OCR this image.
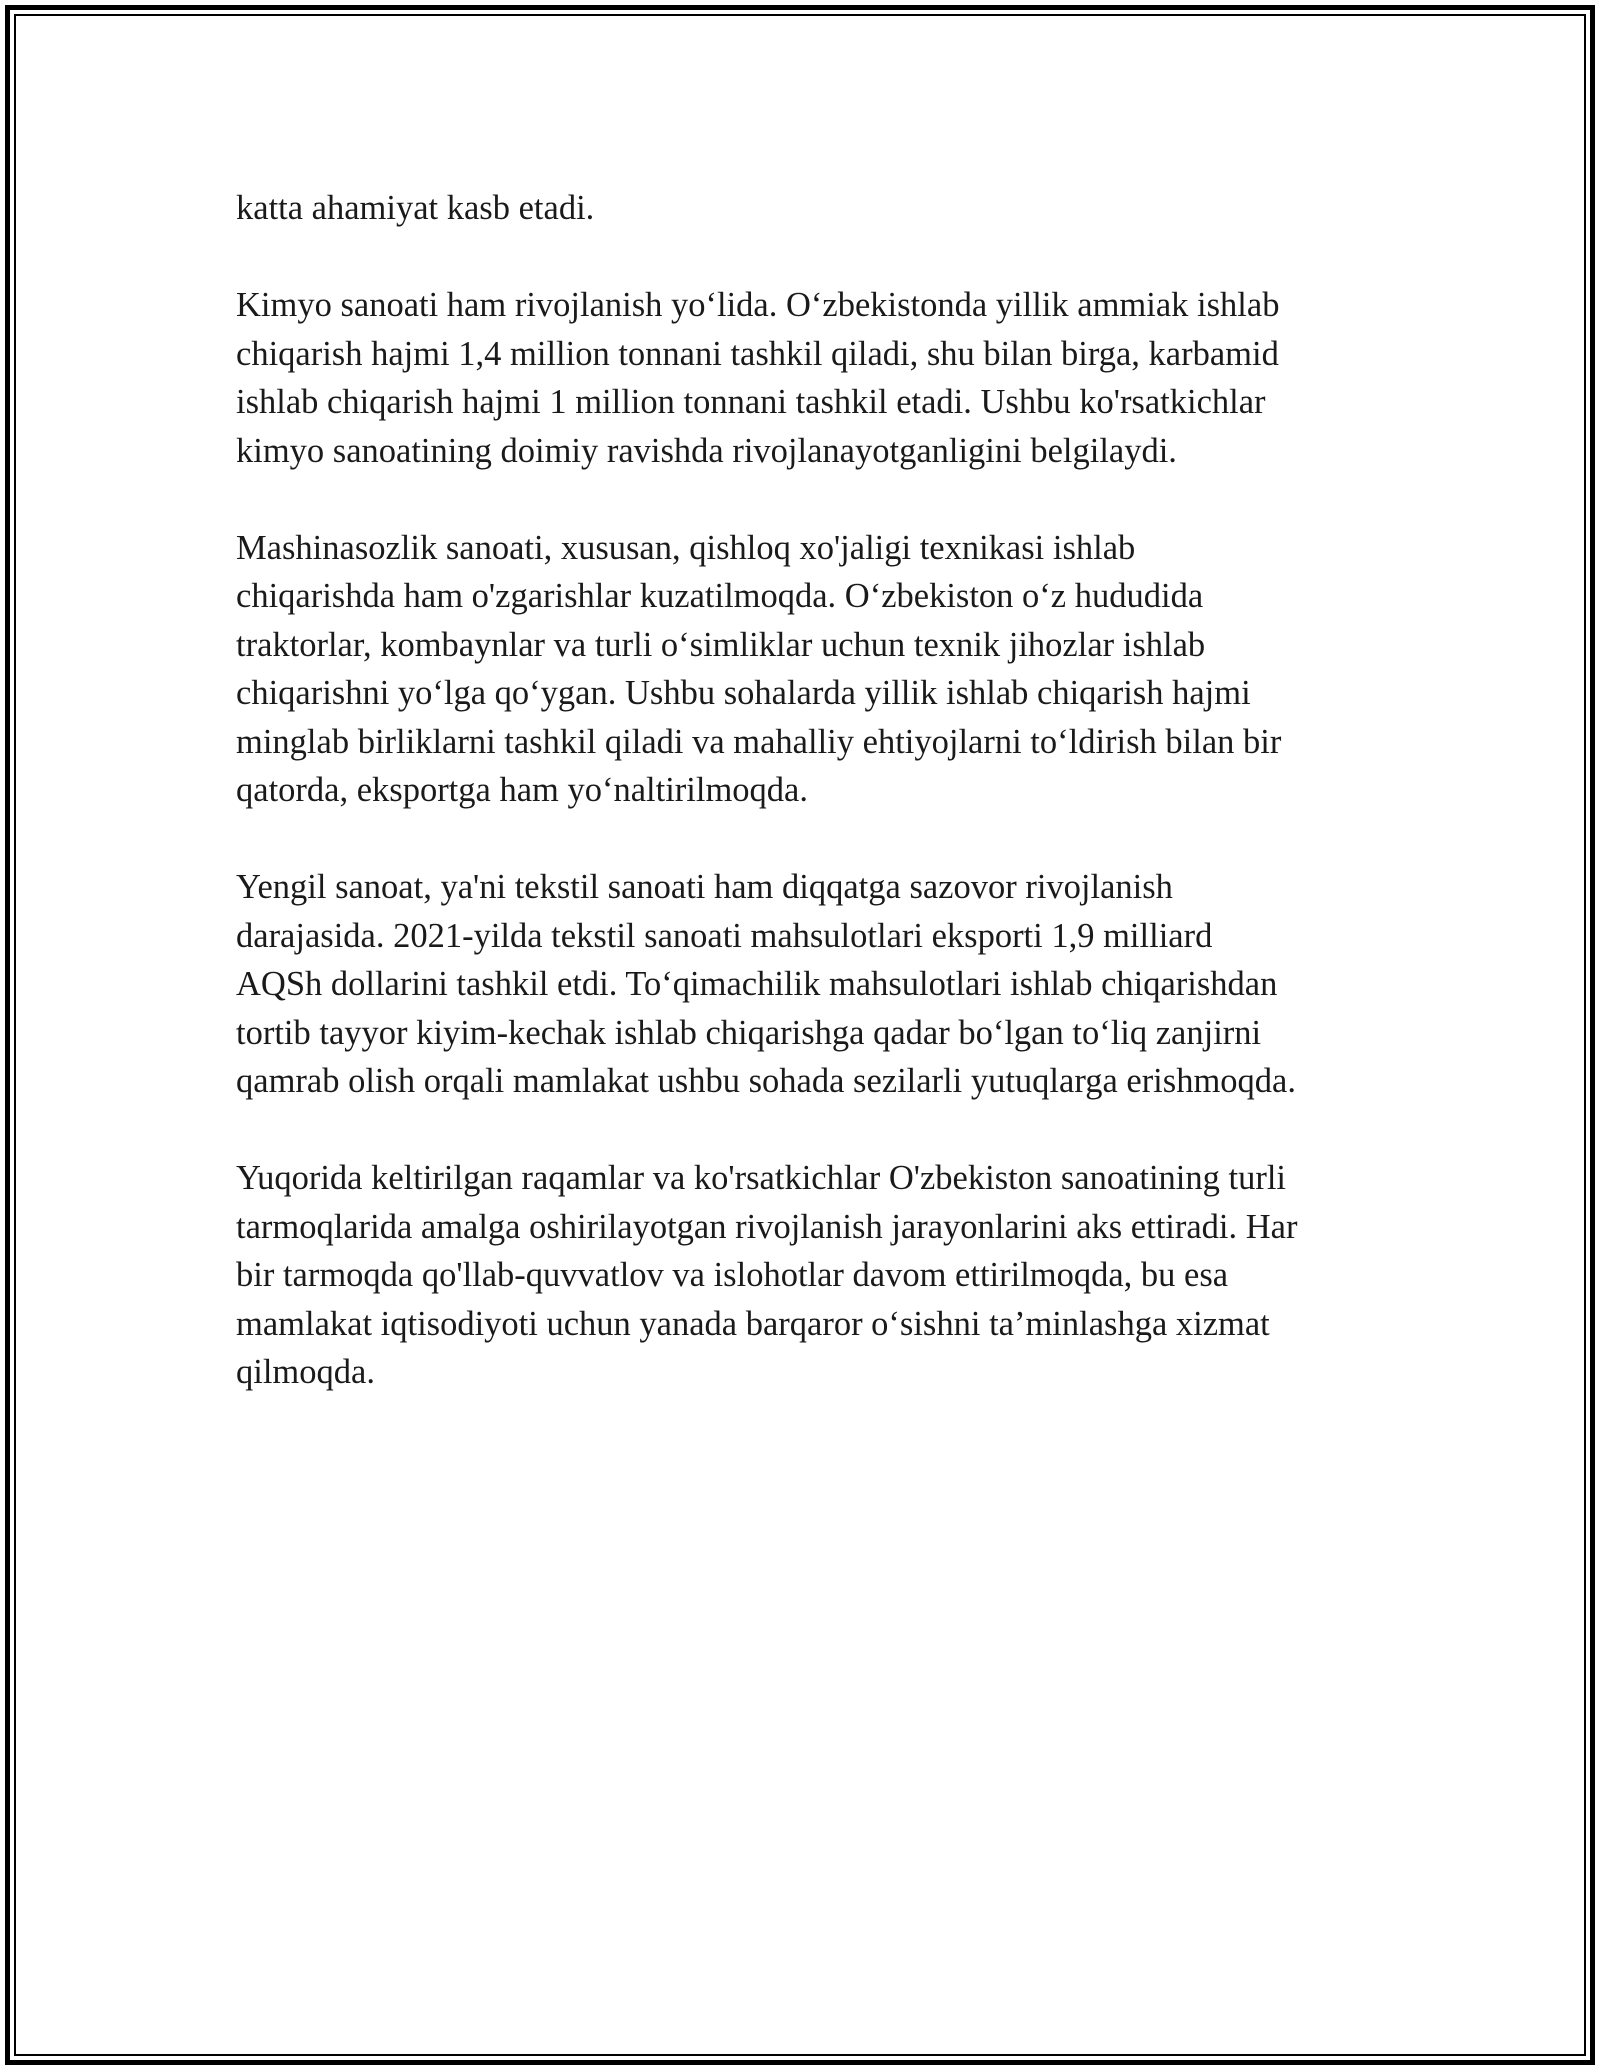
katta ahamiyat kasb etadi.

Kimyo sanoati ham rivojlanish yo‘lida. O‘zbekistonda yillik ammiak ishlab
chiqarish hajmi 1,4 million tonnani tashkil qiladi, shu bilan birga, karbamid
ishlab chiqarish hajmi 1 million tonnani tashkil etadi. Ushbu ko'rsatkichlar
kimyo sanoatining doimiy ravishda rivojlanayotganligini belgilaydi.

Mashinasozlik sanoati, xususan, qishloq xo'jaligi texnikasi ishlab
chiqarishda ham o'zgarishlar kuzatilmoqda. O‘zbekiston o‘z hududida
traktorlar, kombaynlar va turli o‘simliklar uchun texnik jihozlar ishlab
chiqarishni yo‘lga qo‘ygan. Ushbu sohalarda yillik ishlab chiqarish hajmi
minglab birliklarni tashkil qiladi va mahalliy ehtiyojlarni to‘ldirish bilan bir
qatorda, eksportga ham yo‘naltirilmoqda.

Yengil sanoat, ya'ni tekstil sanoati ham diqqatga sazovor rivojlanish
darajasida. 2021-yilda tekstil sanoati mahsulotlari eksporti 1,9 milliard
AQSh dollarini tashkil etdi. To‘qimachilik mahsulotlari ishlab chiqarishdan
tortib tayyor kiyim-kechak ishlab chiqarishga qadar bo‘lgan to‘liq zanjirni
qamrab olish orqali mamlakat ushbu sohada sezilarli yutuqlarga erishmoqda.

Yuqorida keltirilgan raqamlar va ko'rsatkichlar O'zbekiston sanoatining turli
tarmoqlarida amalga oshirilayotgan rivojlanish jarayonlarini aks ettiradi. Har
bir tarmoqda qo'llab-quvvatlov va islohotlar davom ettirilmoqda, bu esa
mamlakat iqtisodiyoti uchun yanada barqaror o‘sishni ta’minlashga xizmat
qilmoqda.
